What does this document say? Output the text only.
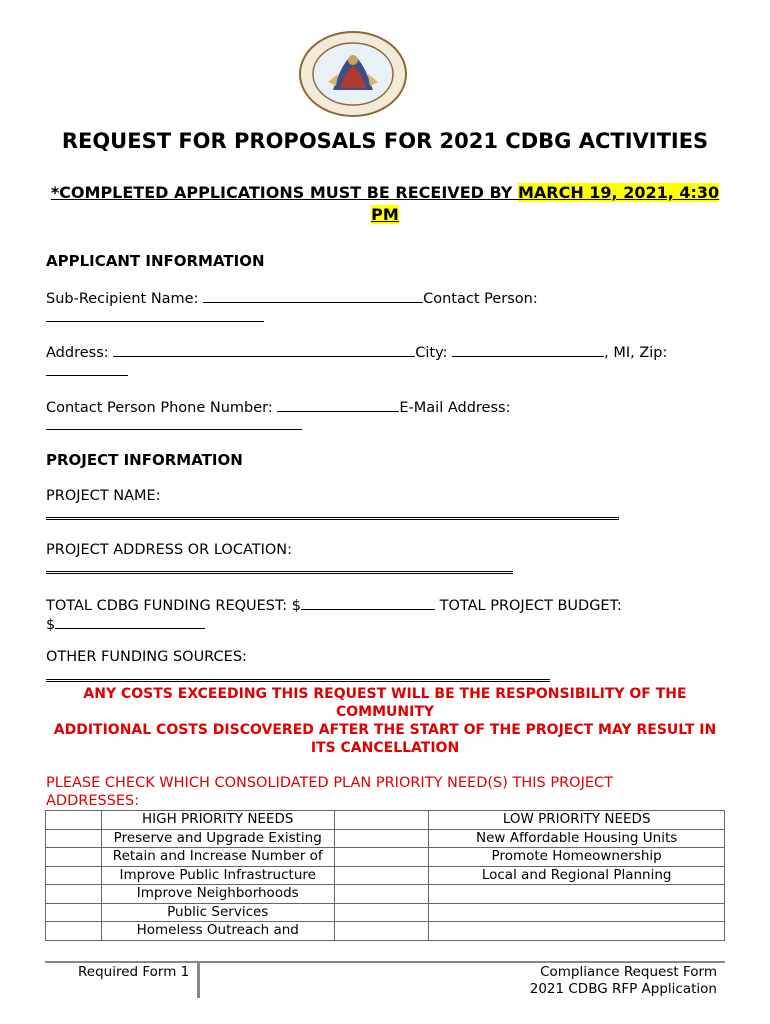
REQUEST FOR PROPOSALS FOR 2021 CDBG ACTIVITIES
*COMPLETED APPLICATIONS MUST BE RECEIVED BY MARCH 19, 2021, 4:30 PM
APPLICANT INFORMATION
Sub-Recipient Name:	Contact Person:
Address:	City:	, MI, Zip:
Contact Person Phone Number:	E-Mail Address:
PROJECT INFORMATION
PROJECT NAME:
PROJECT ADDRESS OR LOCATION:
TOTAL CDBG FUNDING REQUEST: $	TOTAL PROJECT BUDGET:
$
OTHER FUNDING SOURCES:
ANY COSTS EXCEEDING THIS REQUEST WILL BE THE RESPONSIBILITY OF THE COMMUNITY
ADDITIONAL COSTS DISCOVERED AFTER THE START OF THE PROJECT MAY RESULT IN ITS CANCELLATION
PLEASE CHECK WHICH CONSOLIDATED PLAN PRIORITY NEED(S) THIS PROJECT ADDRESSES:
	HIGH PRIORITY NEEDS		LOW PRIORITY NEEDS
	Preserve and Upgrade Existing		New Affordable Housing Units
	Retain and Increase Number of		Promote Homeownership
	Improve Public Infrastructure		Local and Regional Planning
	Improve Neighborhoods		
	Public Services		
	Homeless Outreach and		
Required Form 1	Compliance Request Form
2021 CDBG RFP Application
